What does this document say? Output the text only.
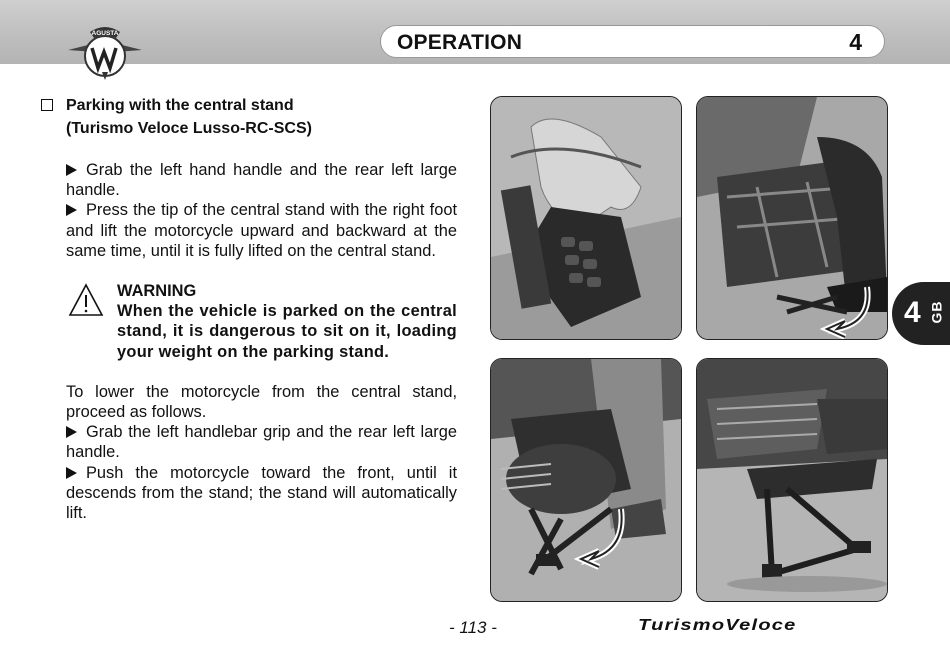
AGUSTA	OPERATION	4
4 GB
Parking with the central stand
(Turismo Veloce Lusso-RC-SCS)

Grab the left hand handle and the rear left large handle.

Press the tip of the central stand with the right foot and lift the motorcycle upward and backward at the same time, until it is fully lifted on the central stand.

WARNING
When the vehicle is parked on the central stand, it is dangerous to sit on it, loading your weight on the parking stand.

To lower the motorcycle from the central stand, proceed as follows.

Grab the left handlebar grip and the rear left large handle.

Push the motorcycle toward the front, until it descends from the stand; the stand will automatically lift.

- 113 -	TurismoVeloce
